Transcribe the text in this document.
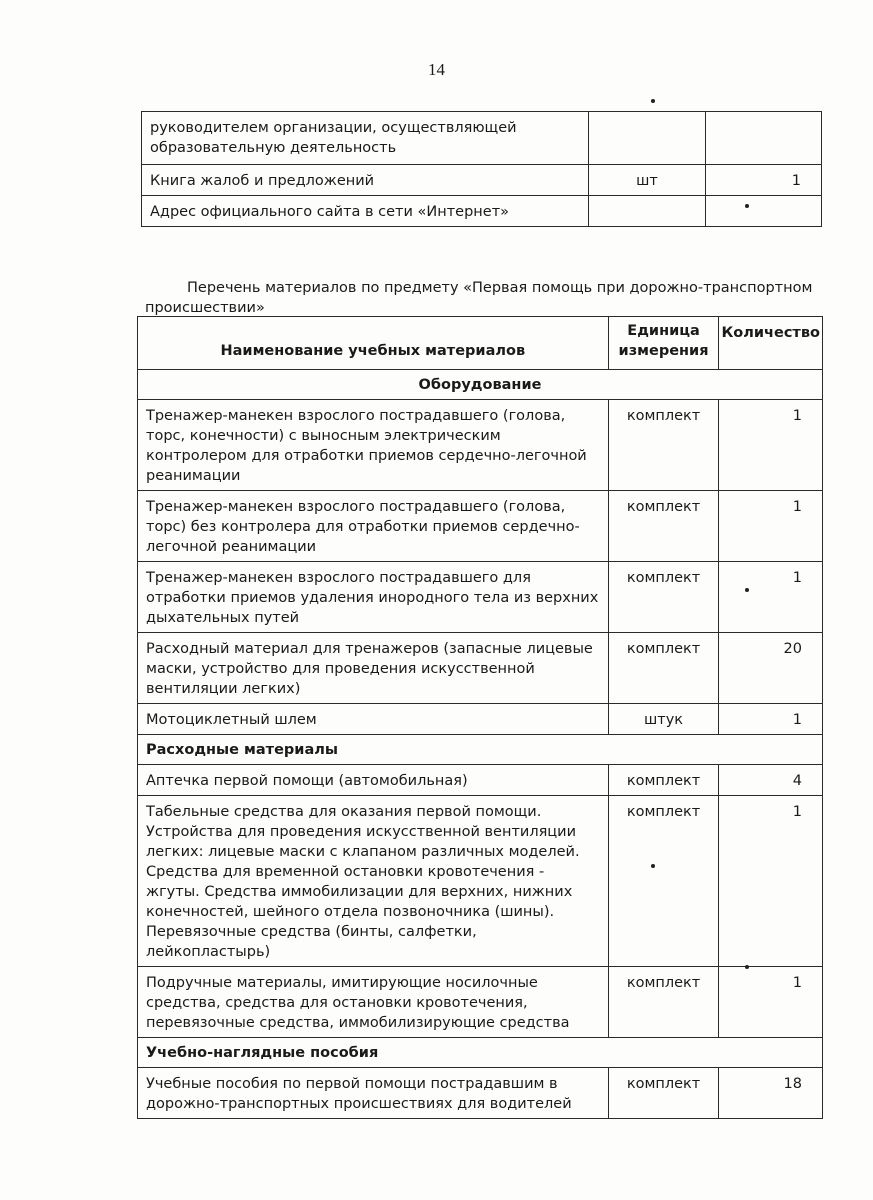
14
руководителем организации, осуществляющей образовательную деятельность		
Книга жалоб и предложений	шт	1
Адрес официального сайта в сети «Интернет»		
Перечень материалов по предмету «Первая помощь при дорожно-транспортном происшествии»
Наименование учебных материалов	Единица измерения	Количество
Оборудование		
Тренажер-манекен взрослого пострадавшего (голова, торс, конечности) с выносным электрическим контролером для отработки приемов сердечно-легочной реанимации	комплект	1
Тренажер-манекен взрослого пострадавшего (голова, торс) без контролера для отработки приемов сердечно-легочной реанимации	комплект	1
Тренажер-манекен взрослого пострадавшего для отработки приемов удаления инородного тела из верхних дыхательных путей	комплект	1
Расходный материал для тренажеров (запасные лицевые маски, устройство для проведения искусственной вентиляции легких)	комплект	20
Мотоциклетный шлем	штук	1
Расходные материалы		
Аптечка первой помощи (автомобильная)	комплект	4
Табельные средства для оказания первой помощи. Устройства для проведения искусственной вентиляции легких: лицевые маски с клапаном различных моделей. Средства для временной остановки кровотечения - жгуты. Средства иммобилизации для верхних, нижних конечностей, шейного отдела позвоночника (шины). Перевязочные средства (бинты, салфетки, лейкопластырь)	комплект	1
Подручные материалы, имитирующие носилочные средства, средства для остановки кровотечения, перевязочные средства, иммобилизирующие средства	комплект	1
Учебно-наглядные пособия		
Учебные пособия по первой помощи пострадавшим в дорожно-транспортных происшествиях для водителей	комплект	18
